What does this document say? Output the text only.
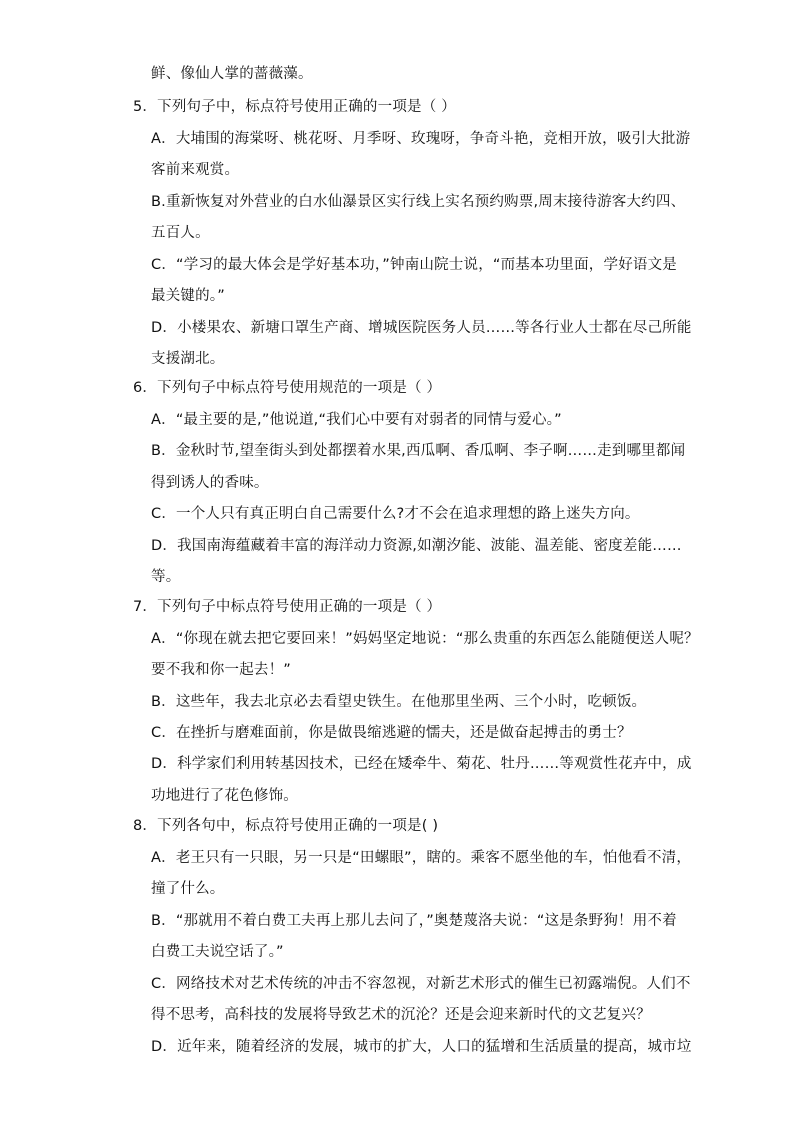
鲜、像仙人掌的蔷薇藻。
5．下列句子中，标点符号使用正确的一项是（ ）
A．大埔围的海棠呀、桃花呀、月季呀、玫瑰呀，争奇斗艳，竞相开放，吸引大批游
客前来观赏。
B.重新恢复对外营业的白水仙瀑景区实行线上实名预约购票,周末接待游客大约四、
五百人。
C．“学习的最大体会是学好基本功，”钟南山院士说，“而基本功里面，学好语文是
最关键的。”
D．小楼果农、新塘口罩生产商、增城医院医务人员……等各行业人士都在尽己所能
支援湖北。
6．下列句子中标点符号使用规范的一项是（ ）
A．“最主要的是,”他说道,“我们心中要有对弱者的同情与爱心。”
B．金秋时节,望奎街头到处都摆着水果,西瓜啊、香瓜啊、李子啊……走到哪里都闻
得到诱人的香味。
C．一个人只有真正明白自己需要什么?才不会在追求理想的路上迷失方向。
D．我国南海蕴藏着丰富的海洋动力资源,如潮汐能、波能、温差能、密度差能……
等。
7．下列句子中标点符号使用正确的一项是（ ）
A．“你现在就去把它要回来！”妈妈坚定地说：“那么贵重的东西怎么能随便送人呢？
要不我和你一起去！”
B．这些年，我去北京必去看望史铁生。在他那里坐两、三个小时，吃顿饭。
C．在挫折与磨难面前，你是做畏缩逃避的懦夫，还是做奋起搏击的勇士？
D．科学家们利用转基因技术，已经在矮牵牛、菊花、牡丹……等观赏性花卉中，成
功地进行了花色修饰。
8．下列各句中，标点符号使用正确的一项是( )
A．老王只有一只眼，另一只是“田螺眼”，瞎的。乘客不愿坐他的车，怕他看不清，
撞了什么。
B．“那就用不着白费工夫再上那儿去问了，”奥楚蔑洛夫说：“这是条野狗！用不着
白费工夫说空话了。”
C．网络技术对艺术传统的冲击不容忽视，对新艺术形式的催生已初露端倪。人们不
得不思考，高科技的发展将导致艺术的沉沦？还是会迎来新时代的文艺复兴？
D．近年来，随着经济的发展，城市的扩大，人口的猛增和生活质量的提高，城市垃
